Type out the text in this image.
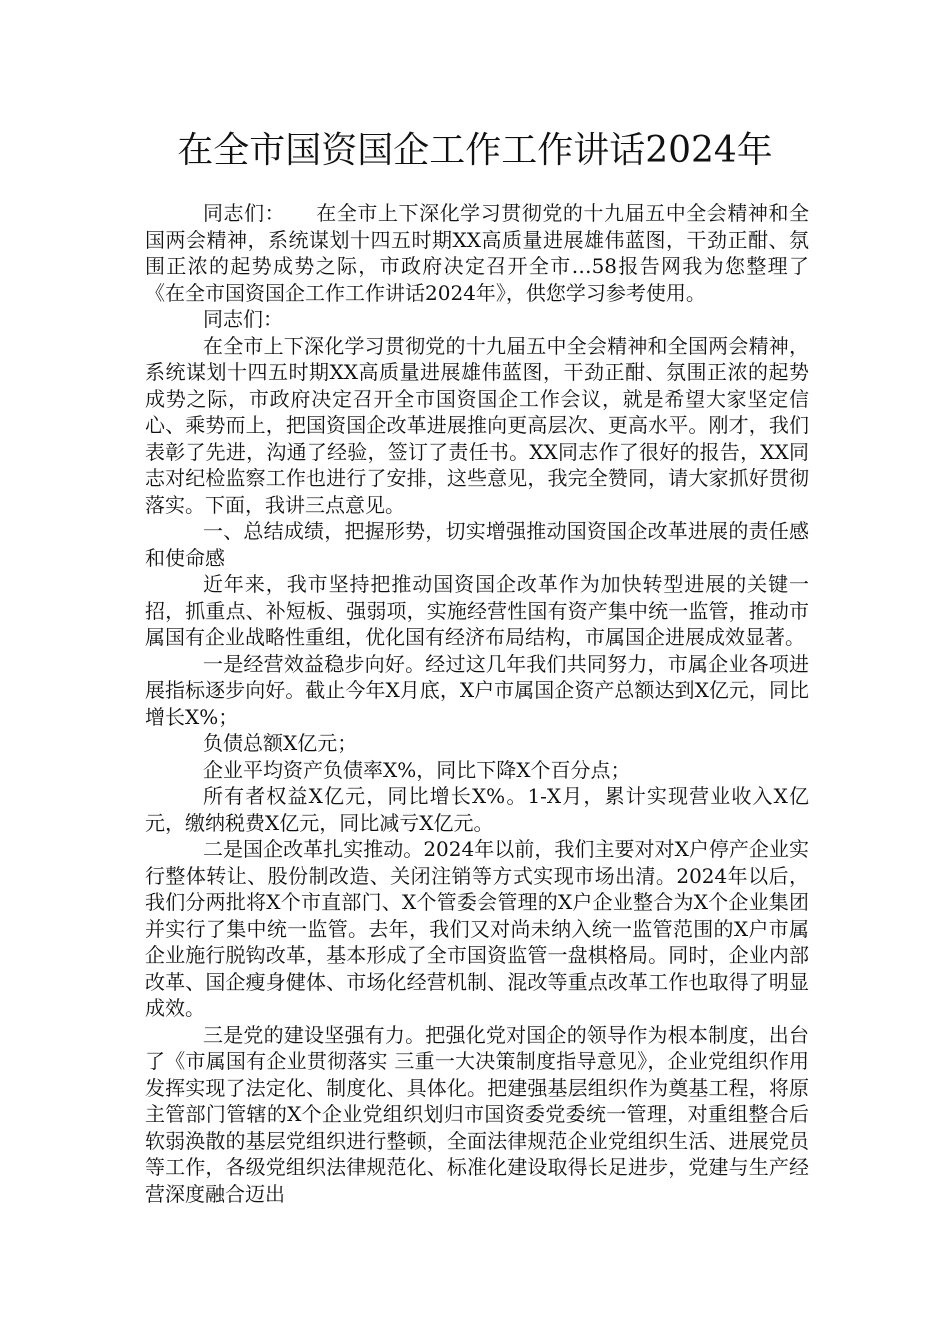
在全市国资国企工作工作讲话2024年

同志们：　　在全市上下深化学习贯彻党的十九届五中全会精神和全国两会精神，系统谋划十四五时期XX高质量进展雄伟蓝图，干劲正酣、氛围正浓的起势成势之际，市政府决定召开全市…58报告网我为您整理了《在全市国资国企工作工作讲话2024年》，供您学习参考使用。

同志们：

在全市上下深化学习贯彻党的十九届五中全会精神和全国两会精神，系统谋划十四五时期XX高质量进展雄伟蓝图，干劲正酣、氛围正浓的起势成势之际，市政府决定召开全市国资国企工作会议，就是希望大家坚定信心、乘势而上，把国资国企改革进展推向更高层次、更高水平。刚才，我们表彰了先进，沟通了经验，签订了责任书。XX同志作了很好的报告，XX同志对纪检监察工作也进行了安排，这些意见，我完全赞同，请大家抓好贯彻落实。下面，我讲三点意见。

一、总结成绩，把握形势，切实增强推动国资国企改革进展的责任感和使命感

近年来，我市坚持把推动国资国企改革作为加快转型进展的关键一招，抓重点、补短板、强弱项，实施经营性国有资产集中统一监管，推动市属国有企业战略性重组，优化国有经济布局结构，市属国企进展成效显著。

一是经营效益稳步向好。经过这几年我们共同努力，市属企业各项进展指标逐步向好。截止今年X月底，X户市属国企资产总额达到X亿元，同比增长X%；

负债总额X亿元；

企业平均资产负债率X%，同比下降X个百分点；

所有者权益X亿元，同比增长X%。1-X月，累计实现营业收入X亿元，缴纳税费X亿元，同比减亏X亿元。

二是国企改革扎实推动。2024年以前，我们主要对对X户停产企业实行整体转让、股份制改造、关闭注销等方式实现市场出清。2024年以后，我们分两批将X个市直部门、X个管委会管理的X户企业整合为X个企业集团并实行了集中统一监管。去年，我们又对尚未纳入统一监管范围的X户市属企业施行脱钩改革，基本形成了全市国资监管一盘棋格局。同时，企业内部改革、国企瘦身健体、市场化经营机制、混改等重点改革工作也取得了明显成效。

三是党的建设坚强有力。把强化党对国企的领导作为根本制度，出台了《市属国有企业贯彻落实 三重一大决策制度指导意见》，企业党组织作用发挥实现了法定化、制度化、具体化。把建强基层组织作为奠基工程，将原主管部门管辖的X个企业党组织划归市国资委党委统一管理，对重组整合后软弱涣散的基层党组织进行整顿，全面法律规范企业党组织生活、进展党员等工作，各级党组织法律规范化、标准化建设取得长足进步，党建与生产经营深度融合迈出
